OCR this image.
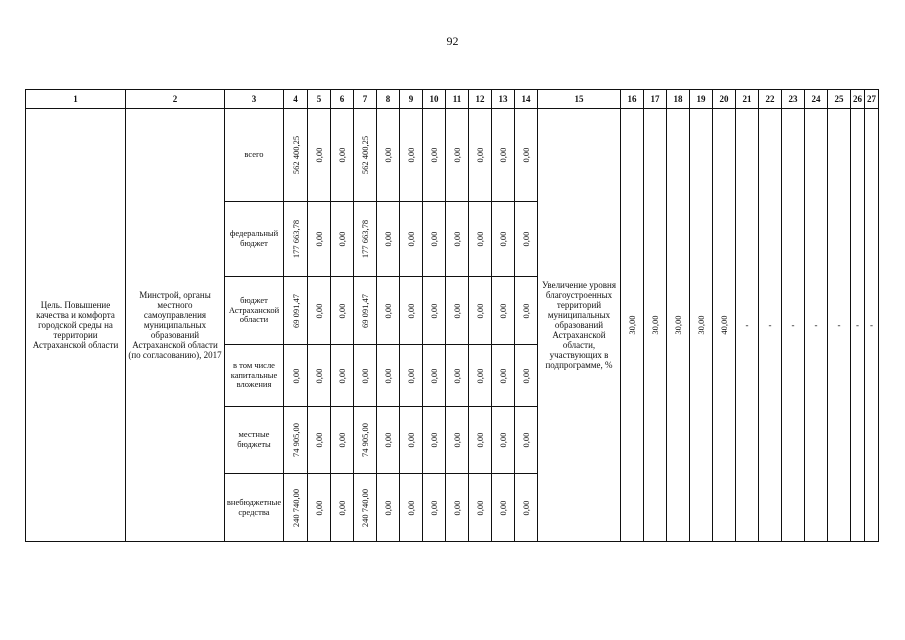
92
1	2	3	4	5	6	7	8	9	10	11	12	13	14	15	16	17	18	19	20	21	22	23	24	25	26	27
Цель. Повышение качества и комфорта городской среды на территории Астраханской области	Минстрой, органы местного самоуправления муниципальных образований Астраханской области (по согласованию), 2017	всего	562 400,25	0,00	0,00	562 400,25	0,00	0,00	0,00	0,00	0,00	0,00	0,00	Увеличение уровня благоустроенных территорий муниципальных образований Астраханской области, участвующих в подпрограмме, %	30,00	30,00	30,00	30,00	40,00	-	-	-	-	-	-	-
		федеральный бюджет	177 663,78	0,00	0,00	177 663,78	0,00	0,00	0,00	0,00	0,00	0,00	0,00													

		бюджет Астраханской области	69 091,47	0,00	0,00	69 091,47	0,00	0,00	0,00	0,00	0,00	0,00	0,00													

		в том числе капитальные вложения	0,00	0,00	0,00	0,00	0,00	0,00	0,00	0,00	0,00	0,00	0,00													

		местные бюджеты	74 905,00	0,00	0,00	74 905,00	0,00	0,00	0,00	0,00	0,00	0,00	0,00													

		внебюджетные средства	240 740,00	0,00	0,00	240 740,00	0,00	0,00	0,00	0,00	0,00	0,00	0,00													
